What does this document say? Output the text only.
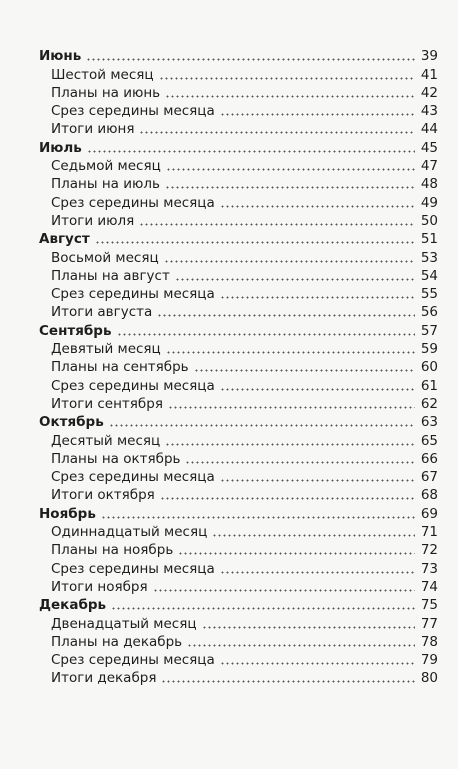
Июнь	39
Шестой месяц	41
Планы на июнь	42
Срез середины месяца	43
Итоги июня	44
Июль	45
Седьмой месяц	47
Планы на июль	48
Срез середины месяца	49
Итоги июля	50
Август	51
Восьмой месяц	53
Планы на август	54
Срез середины месяца	55
Итоги августа	56
Сентябрь	57
Девятый месяц	59
Планы на сентябрь	60
Срез середины месяца	61
Итоги сентября	62
Октябрь	63
Десятый месяц	65
Планы на октябрь	66
Срез середины месяца	67
Итоги октября	68
Ноябрь	69
Одиннадцатый месяц	71
Планы на ноябрь	72
Срез середины месяца	73
Итоги ноября	74
Декабрь	75
Двенадцатый месяц	77
Планы на декабрь	78
Срез середины месяца	79
Итоги декабря	80
